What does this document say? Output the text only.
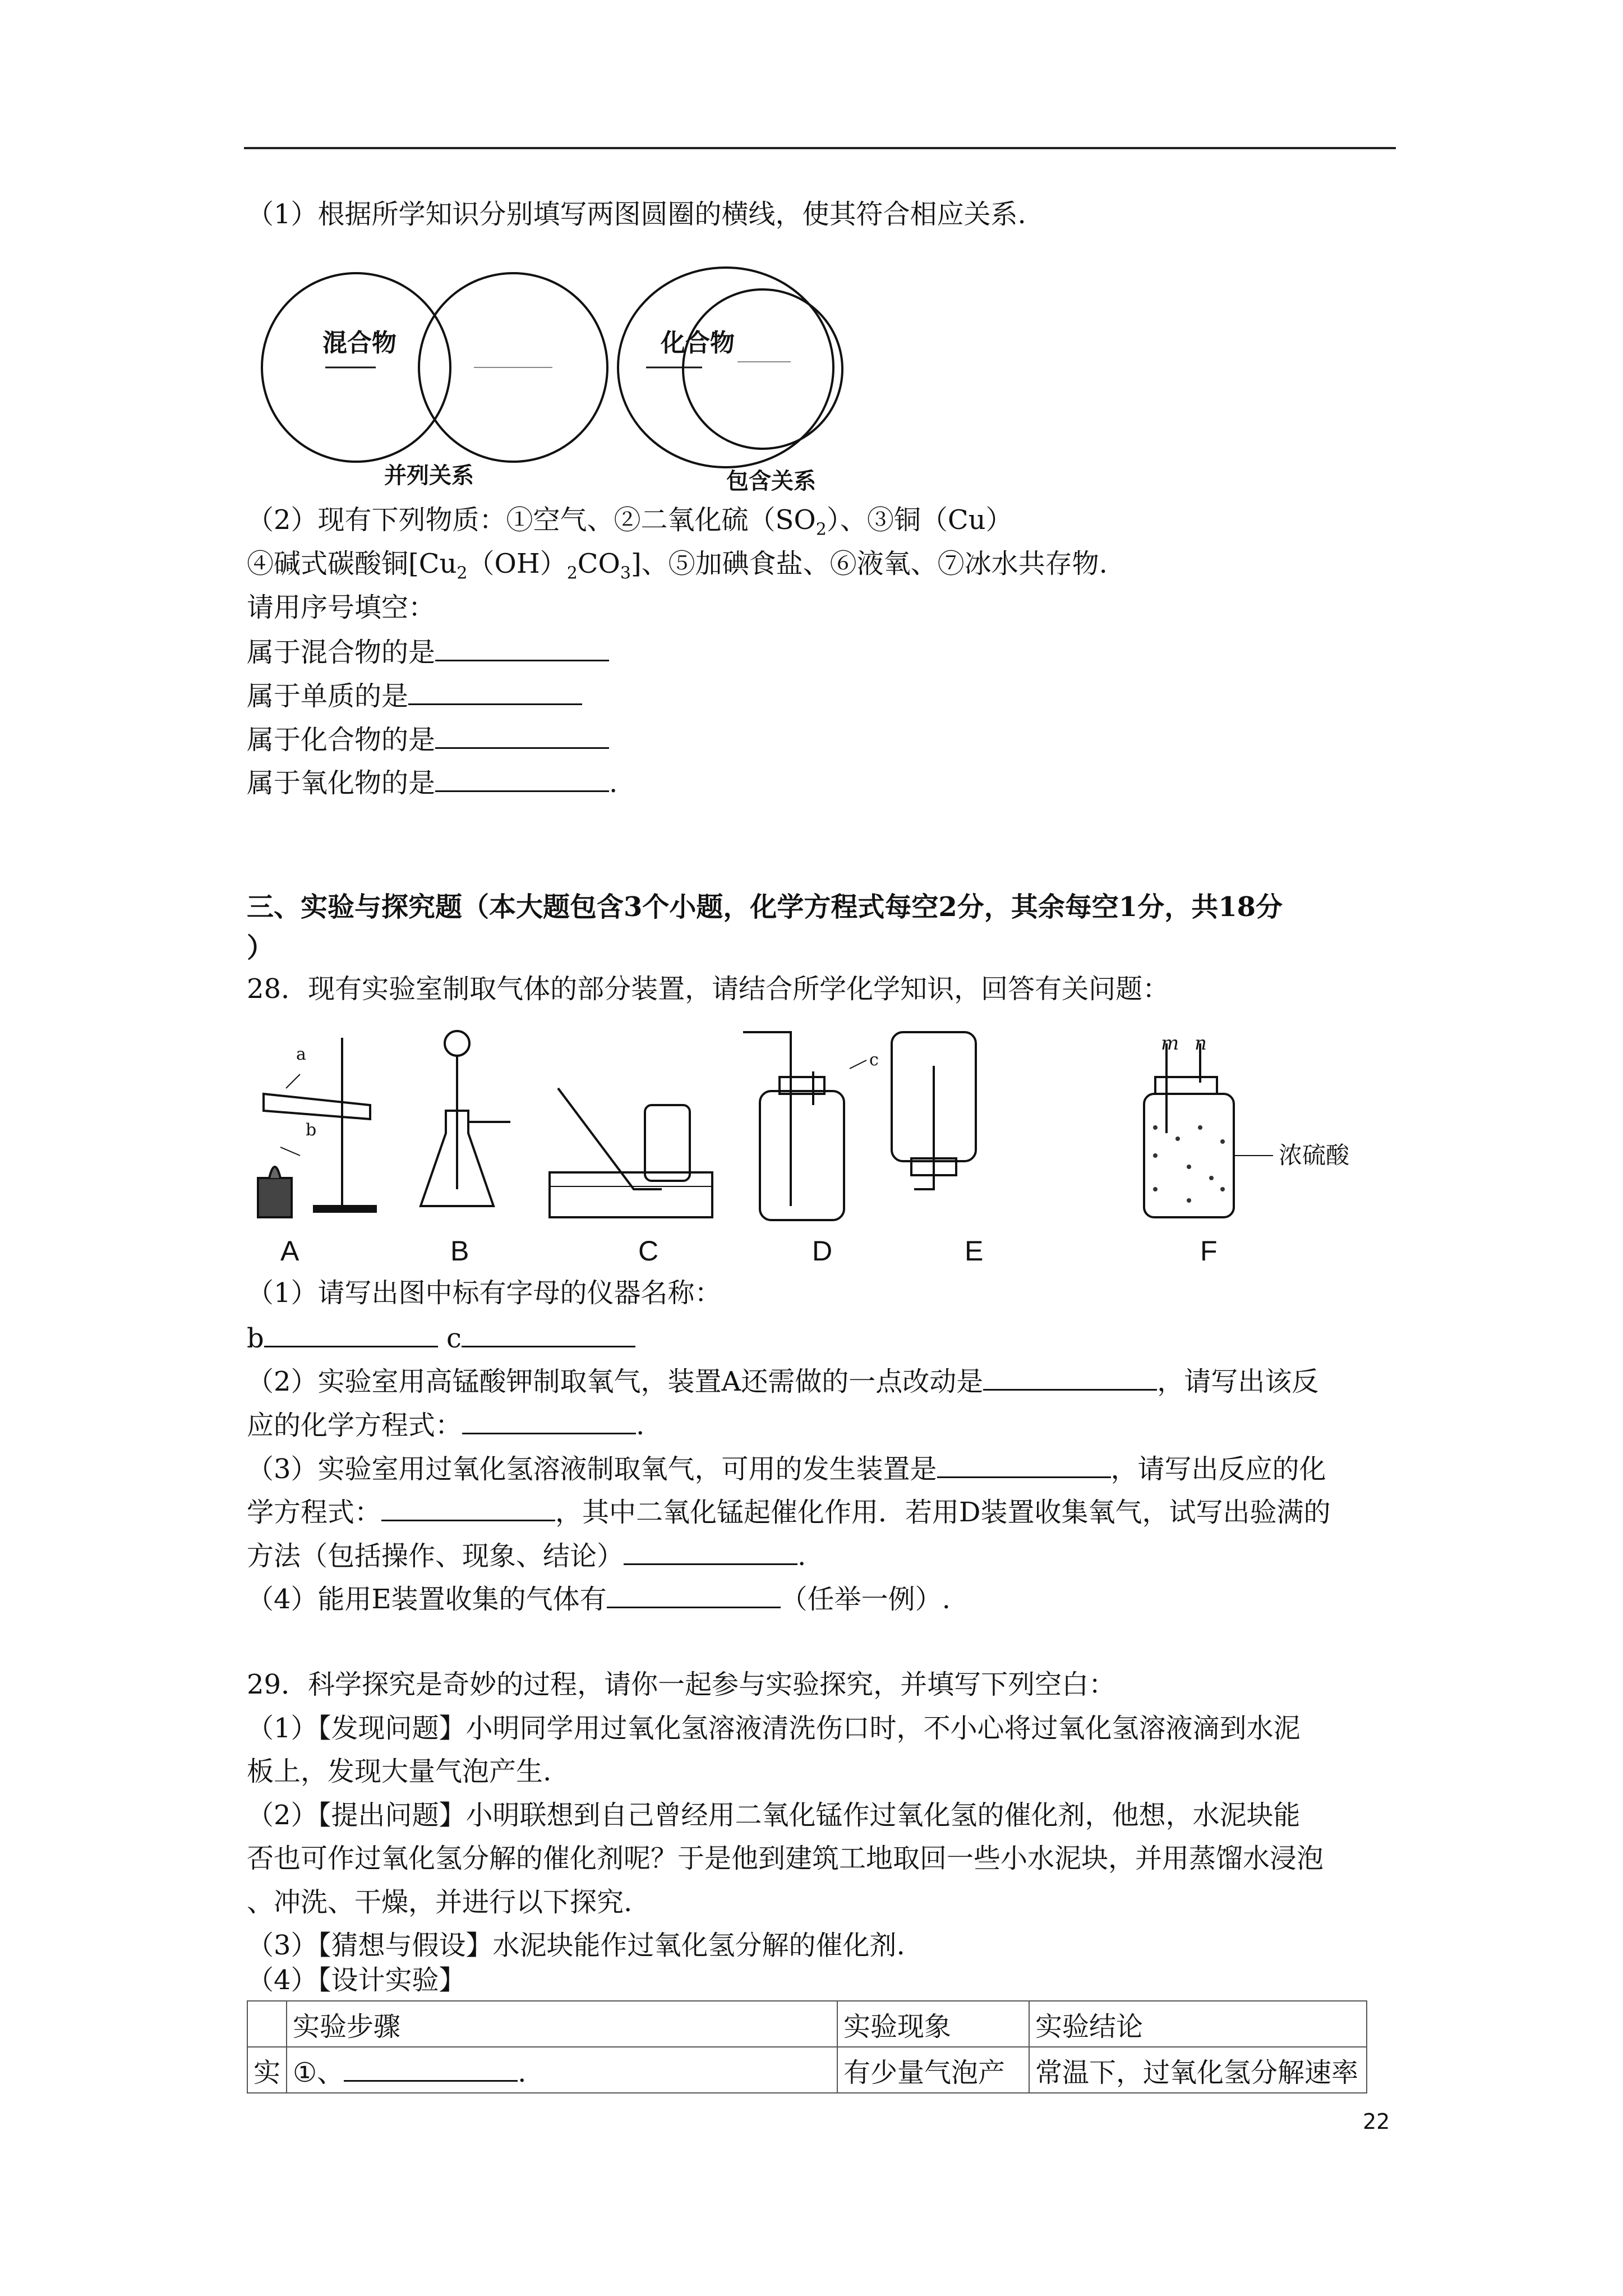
（1）根据所学知识分别填写两图圆圈的横线，使其符合相应关系.
混合物	化合物
并列关系	包含关系
（2）现有下列物质：①空气、②二氧化硫$(SO_2)$、③铜（Cu）
④碱式碳酸铜$[Cu_2(OH)_2CO_3]$、⑤加碘食盐、⑥液氧、⑦冰水共存物.
请用序号填空：
属于混合物的是
属于单质的是
属于化合物的是
属于氧化物的是	.
三、实验与探究题（本大题包含3个小题，化学方程式每空2分，其余每空1分，共18分
）
28．现有实验室制取气体的部分装置，请结合所学化学知识，回答有关问题：
a
b
c
m n
浓硫酸
A	B	C	D	E	F
（1）请写出图中标有字母的仪器名称：
b	c
（2）实验室用高锰酸钾制取氧气，装置A还需做的一点改动是	，请写出该反
应的化学方程式：	.
（3）实验室用过氧化氢溶液制取氧气，可用的发生装置是	，请写出反应的化
学方程式：	，其中二氧化锰起催化作用．若用D装置收集氧气，试写出验满的
方法（包括操作、现象、结论）	.
（4）能用E装置收集的气体有	（任举一例）.
29．科学探究是奇妙的过程，请你一起参与实验探究，并填写下列空白：
（1）【发现问题】小明同学用过氧化氢溶液清洗伤口时，不小心将过氧化氢溶液滴到水泥
板上，发现大量气泡产生.
（2）【提出问题】小明联想到自己曾经用二氧化锰作过氧化氢的催化剂，他想，水泥块能
否也可作过氧化氢分解的催化剂呢？于是他到建筑工地取回一些小水泥块，并用蒸馏水浸泡
、冲洗、干燥，并进行以下探究.
（3）【猜想与假设】水泥块能作过氧化氢分解的催化剂.
（4）【设计实验】
	实验步骤	实验现象	实验结论
实	①、 .	有少量气泡产	常温下，过氧化氢分解速率
22
